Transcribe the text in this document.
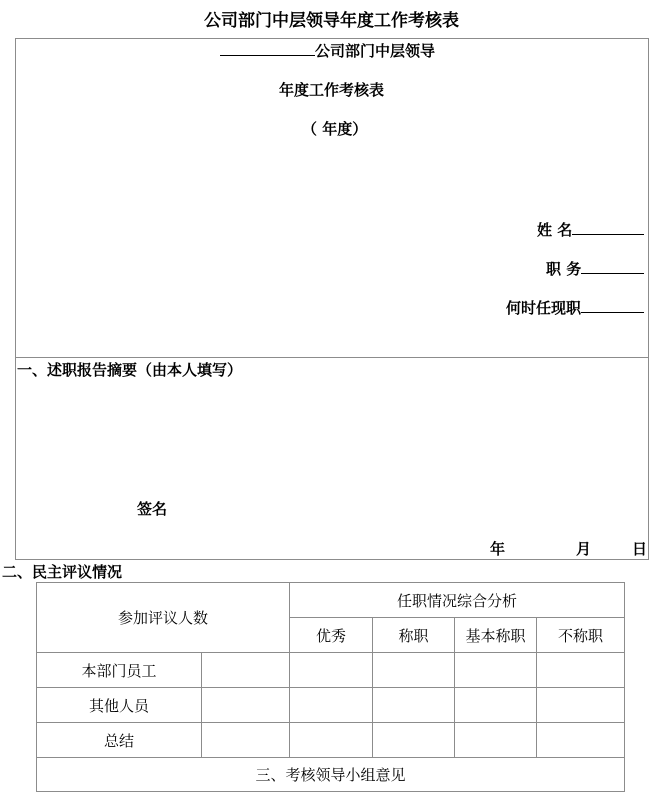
公司部门中层领导年度工作考核表
公司部门中层领导
年度工作考核表
（ 年度）
姓 名
职 务
何时任现职
一、述职报告摘要（由本人填写）
签名
年	月	日
二、民主评议情况
参加评议人数		任职情况综合分析			
		优秀	称职	基本称职	不称职
本部门员工					
其他人员					
总结					
三、考核领导小组意见					
